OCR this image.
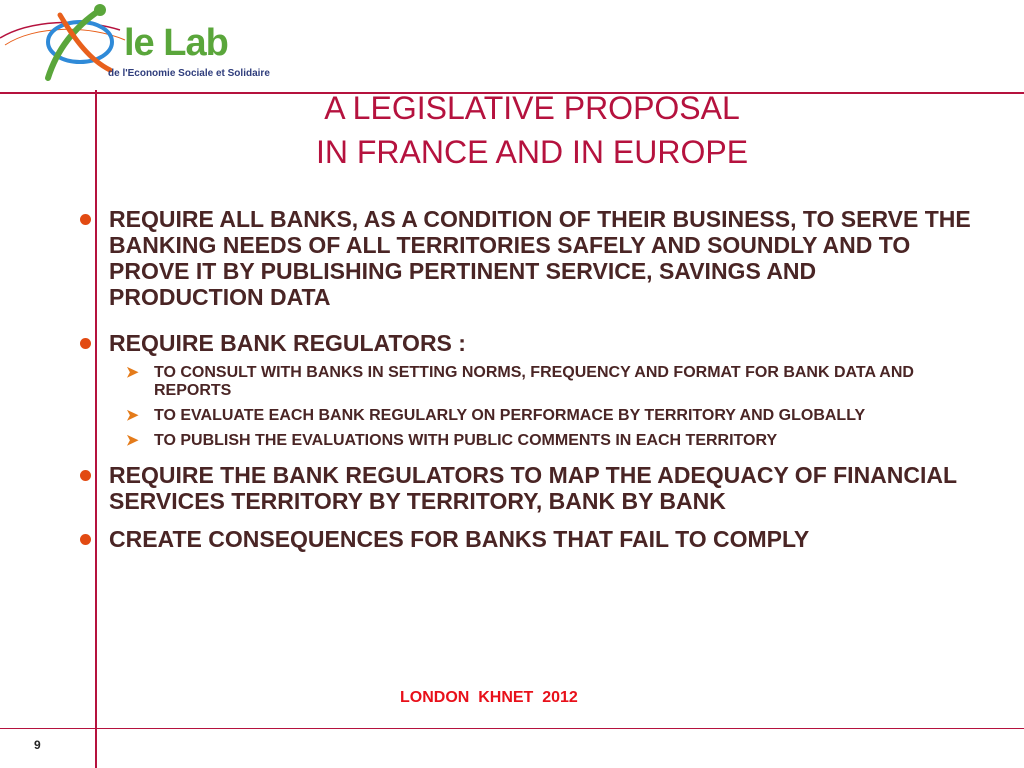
le Lab
de l'Economie Sociale et Solidaire
A LEGISLATIVE PROPOSAL
IN FRANCE AND IN EUROPE
REQUIRE ALL BANKS, AS A CONDITION OF THEIR BUSINESS, TO SERVE THE BANKING NEEDS OF ALL TERRITORIES SAFELY AND SOUNDLY AND TO PROVE IT BY PUBLISHING PERTINENT SERVICE, SAVINGS AND PRODUCTION DATA
REQUIRE BANK REGULATORS :
➤ TO CONSULT WITH BANKS IN SETTING NORMS, FREQUENCY AND FORMAT FOR BANK DATA AND REPORTS
➤ TO EVALUATE EACH BANK REGULARLY ON PERFORMACE BY TERRITORY AND GLOBALLY
➤ TO PUBLISH THE EVALUATIONS WITH PUBLIC COMMENTS IN EACH TERRITORY
REQUIRE THE BANK REGULATORS TO MAP THE ADEQUACY OF FINANCIAL SERVICES TERRITORY BY TERRITORY, BANK BY BANK
CREATE CONSEQUENCES FOR BANKS THAT FAIL TO COMPLY
LONDON  KHNET  2012
9
